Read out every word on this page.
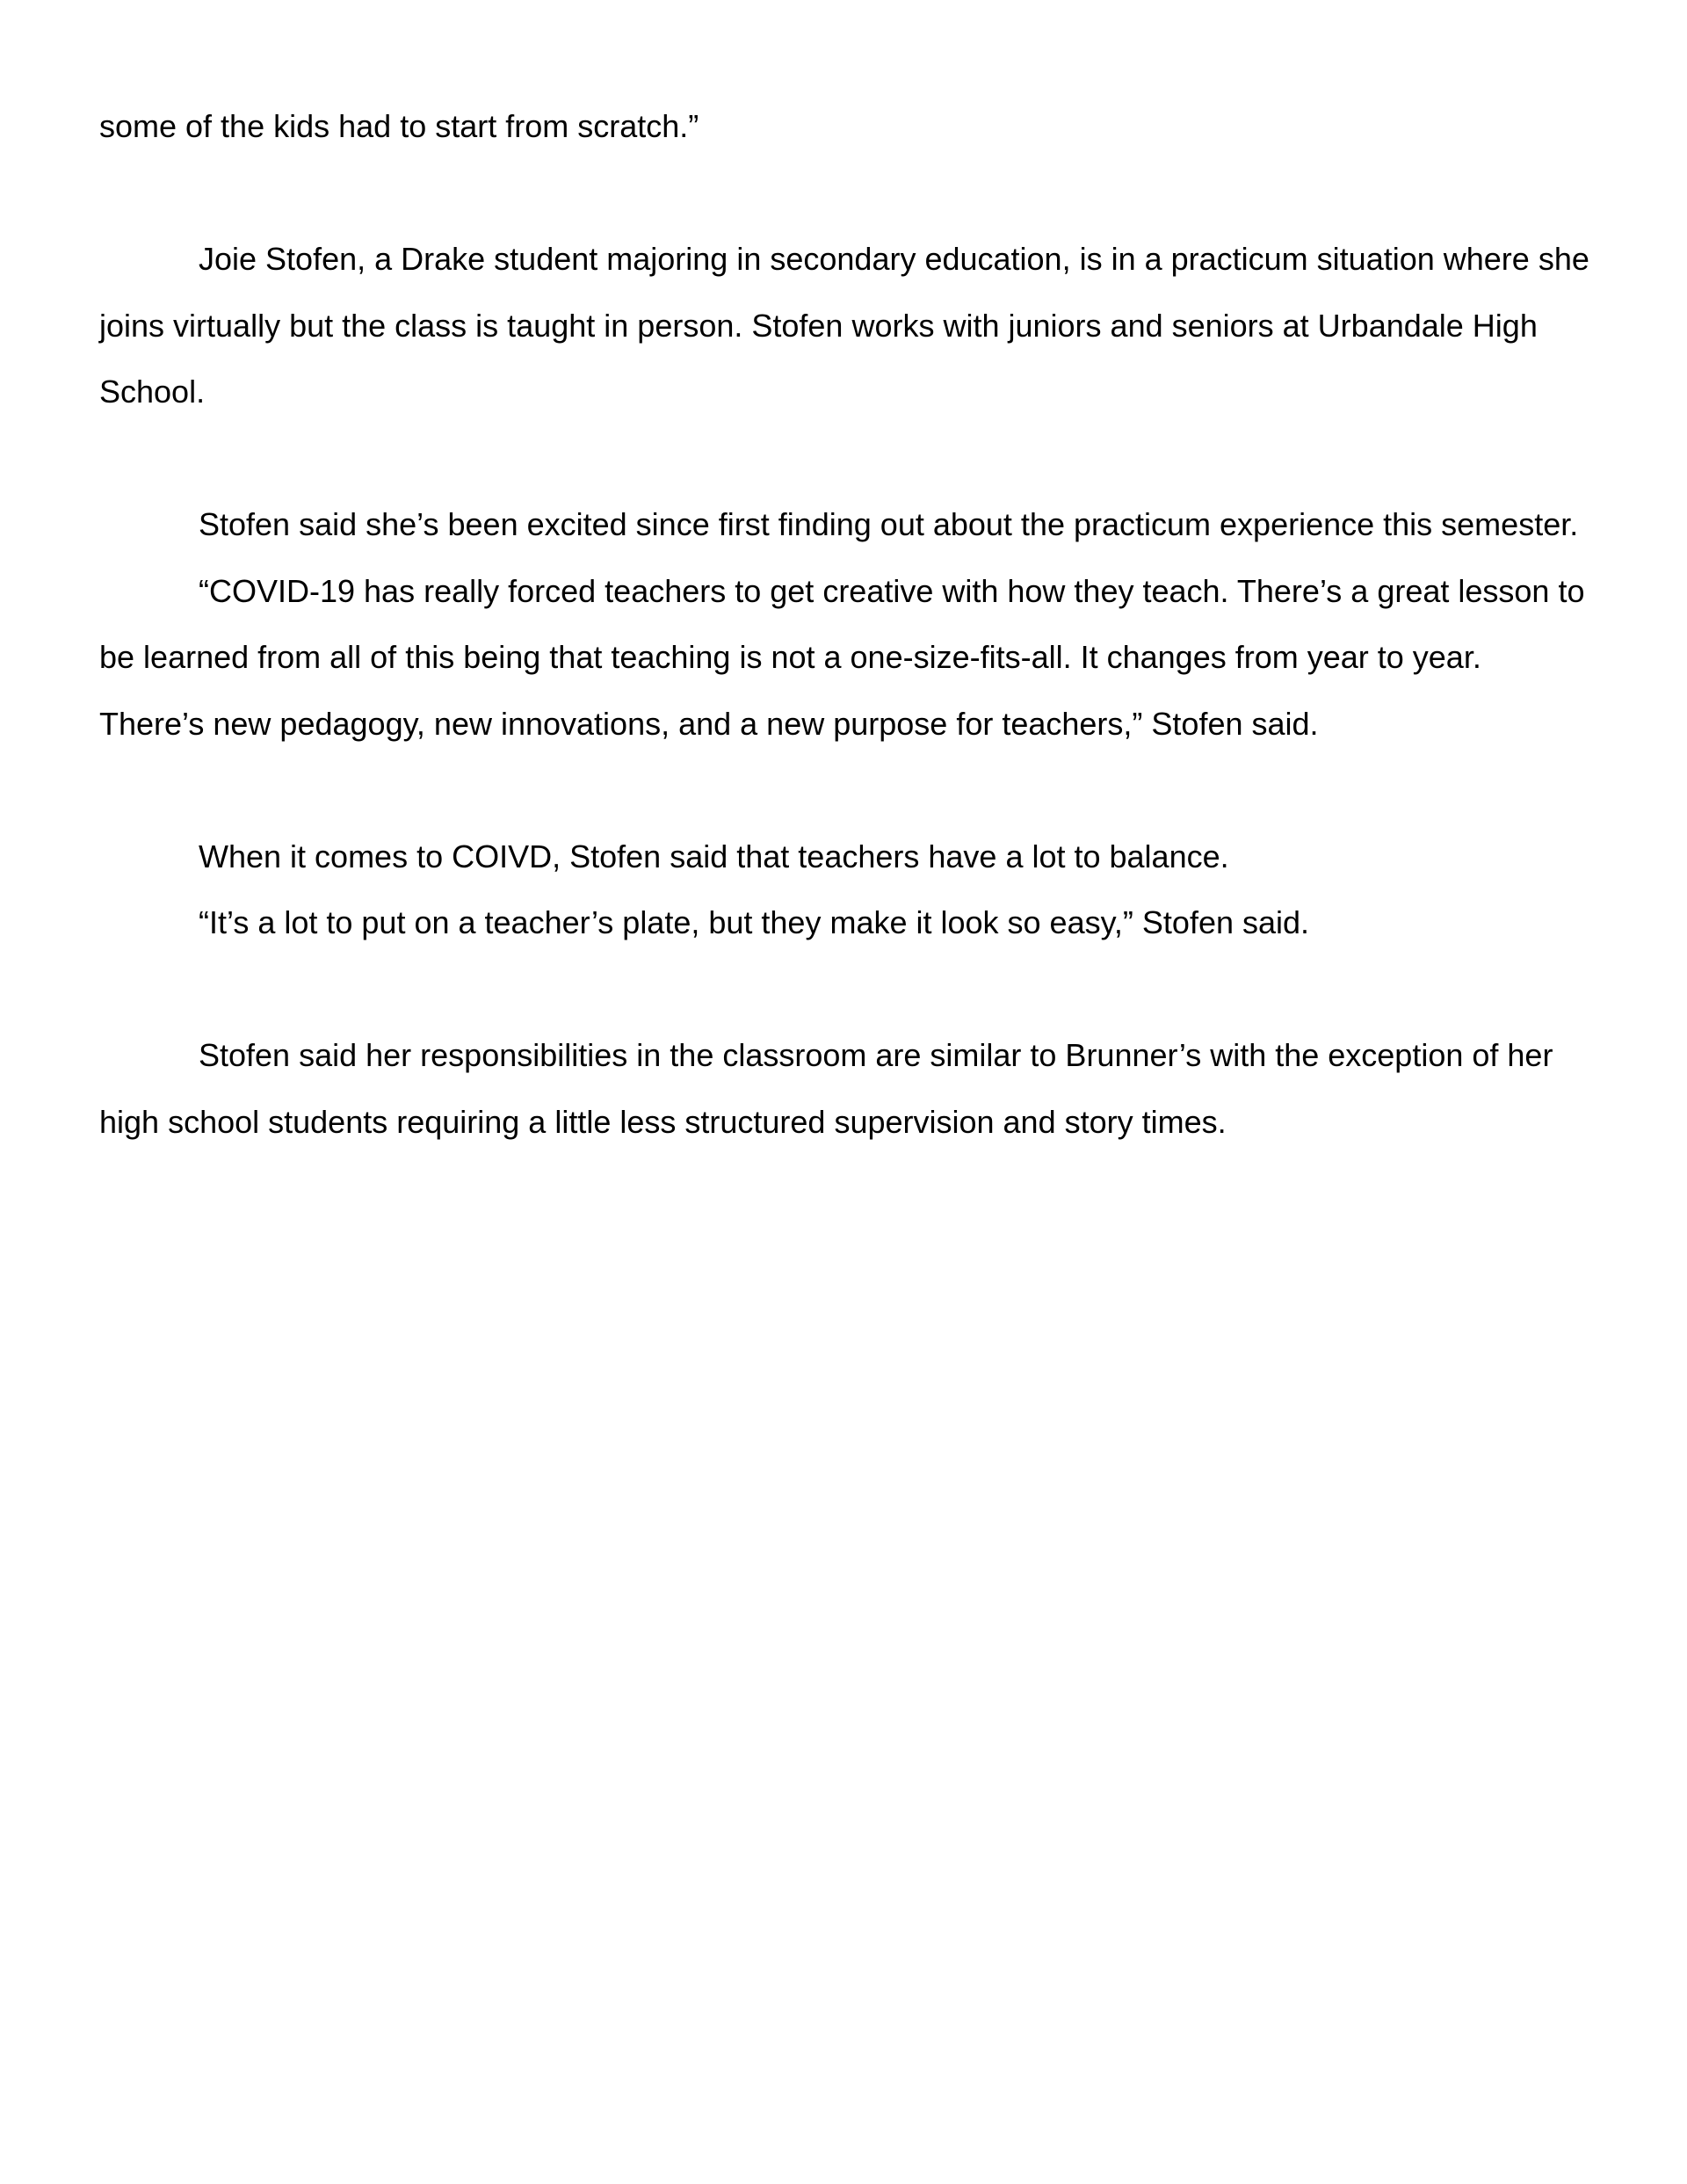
some of the kids had to start from scratch.”

Joie Stofen, a Drake student majoring in secondary education, is in a practicum situation where she joins virtually but the class is taught in person. Stofen works with juniors and seniors at Urbandale High School.

Stofen said she’s been excited since first finding out about the practicum experience this semester.

“COVID-19 has really forced teachers to get creative with how they teach. There’s a great lesson to be learned from all of this being that teaching is not a one-size-fits-all. It changes from year to year. There’s new pedagogy, new innovations, and a new purpose for teachers,” Stofen said.

When it comes to COIVD, Stofen said that teachers have a lot to balance.

“It’s a lot to put on a teacher’s plate, but they make it look so easy,” Stofen said.

Stofen said her responsibilities in the classroom are similar to Brunner’s with the exception of her high school students requiring a little less structured supervision and story times.
